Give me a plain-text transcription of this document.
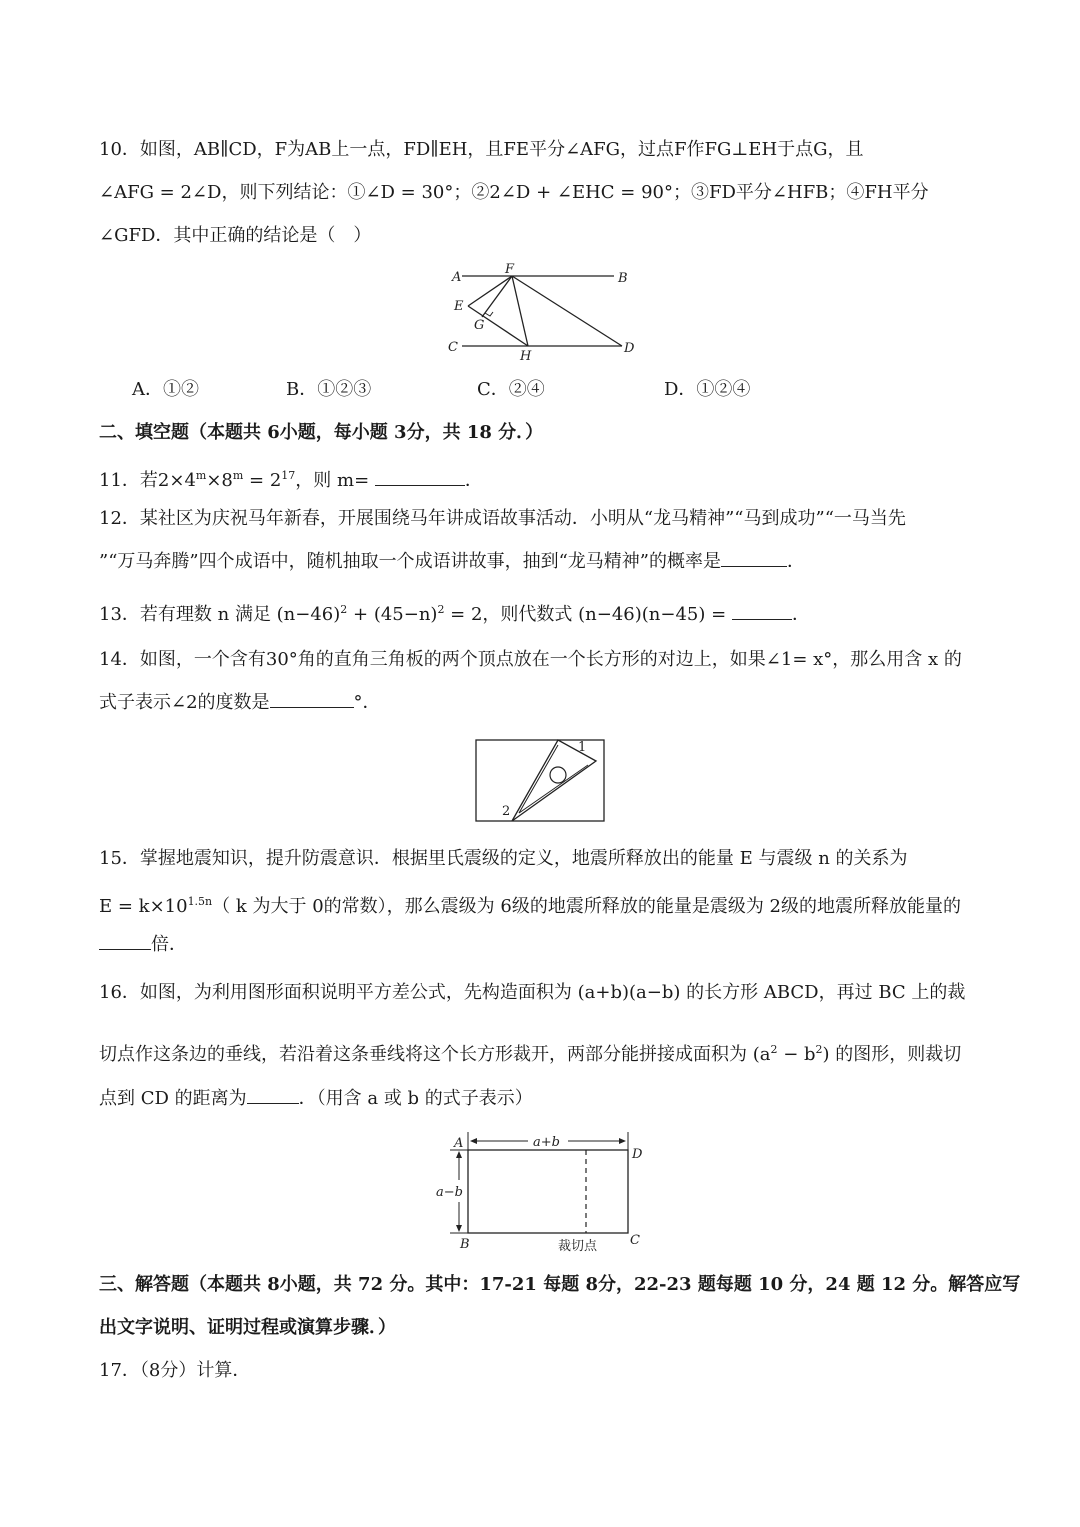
10．如图，AB∥CD，F为AB上一点，FD∥EH，且FE平分∠AFG，过点F作FG⊥EH于点G，且
∠AFG = 2∠D，则下列结论：①∠D = 30°；②2∠D + ∠EHC = 90°；③FD平分∠HFB；④FH平分
∠GFD．其中正确的结论是（　）
A	B
C	D
E
F
G
H
A．①②	B．①②③	C．②④	D．①②④
二、填空题（本题共 6小题，每小题 3分，共 18 分．）
11．若$2\times 4^m\times 8^m = 2^{17}$，则 m=	．
12．某社区为庆祝马年新春，开展围绕马年讲成语故事活动．小明从“龙马精神”“马到成功”“一马当先
”“万马奔腾”四个成语中，随机抽取一个成语讲故事，抽到“龙马精神”的概率是	．
13．若有理数 n 满足 $(n-46)^2 + (45-n)^2 = 2$，则代数式 (n−46)(n−45) =	．
14．如图，一个含有30°角的直角三角板的两个顶点放在一个长方形的对边上，如果∠1= x°，那么用含 x 的
式子表示∠2的度数是	°．
1
2
15．掌握地震知识，提升防震意识．根据里氏震级的定义，地震所释放出的能量 E 与震级 n 的关系为
$E = k\times 10^{1.5n}$（ k 为大于 0的常数），那么震级为 6级的地震所释放的能量是震级为 2级的地震所释放能量的
倍．
16．如图，为利用图形面积说明平方差公式，先构造面积为 (a+b)(a−b) 的长方形 ABCD，再过 BC 上的裁
切点作这条边的垂线，若沿着这条垂线将这个长方形裁开，两部分能拼接成面积为 $(a^2 - b^2)$ 的图形，则裁切
点到 CD 的距离为	．（用含 a 或 b 的式子表示）
a+b
a−b
A
D
B	C
裁切点
三、解答题（本题共 8小题，共 72 分。其中：17-21 每题 8分，22-23 题每题 10 分，24 题 12 分。解答应写
出文字说明、证明过程或演算步骤．）
17．（8分）计算．
